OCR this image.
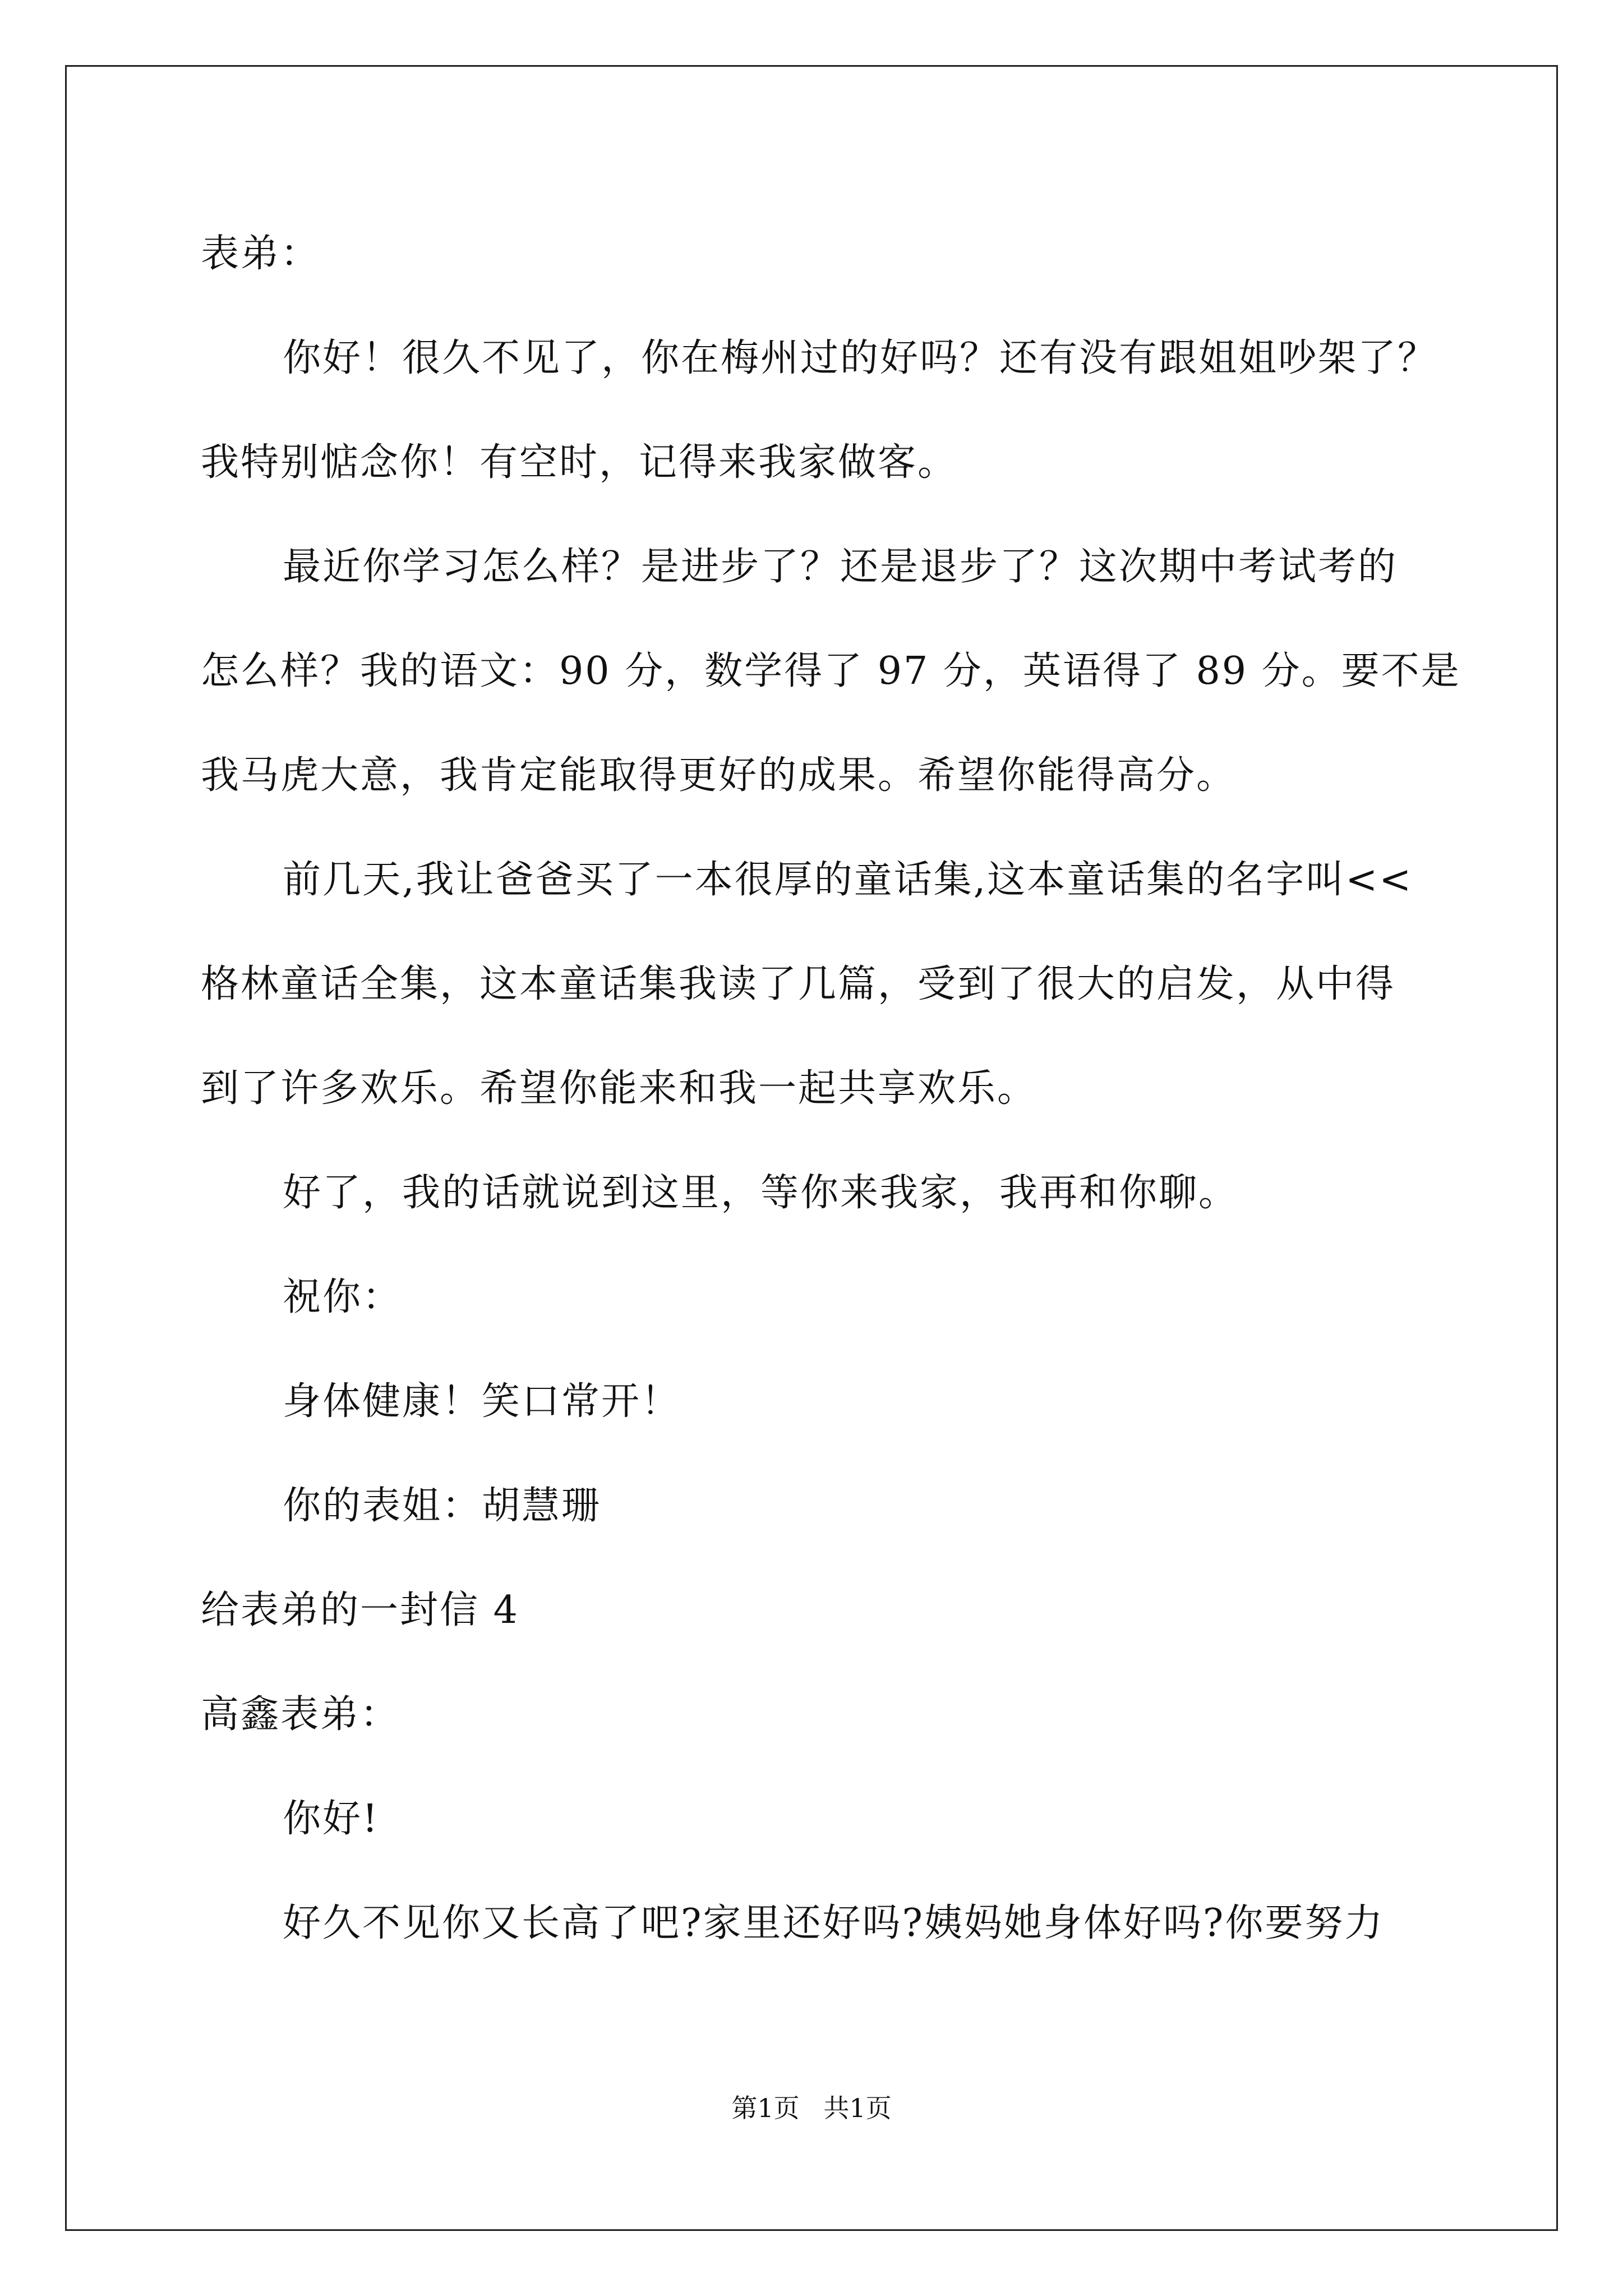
表弟：
你好！很久不见了，你在梅州过的好吗？还有没有跟姐姐吵架了？
我特别惦念你！有空时，记得来我家做客。
最近你学习怎么样？是进步了？还是退步了？这次期中考试考的
怎么样？我的语文：90 分，数学得了 97 分，英语得了 89 分。要不是
我马虎大意，我肯定能取得更好的成果。希望你能得高分。
前几天,我让爸爸买了一本很厚的童话集,这本童话集的名字叫<<
格林童话全集，这本童话集我读了几篇，受到了很大的启发，从中得
到了许多欢乐。希望你能来和我一起共享欢乐。
好了，我的话就说到这里，等你来我家，我再和你聊。
祝你：
身体健康！笑口常开！
你的表姐：胡慧珊
给表弟的一封信 4
高鑫表弟：
你好!
好久不见你又长高了吧?家里还好吗?姨妈她身体好吗?你要努力
第1页 共1页
